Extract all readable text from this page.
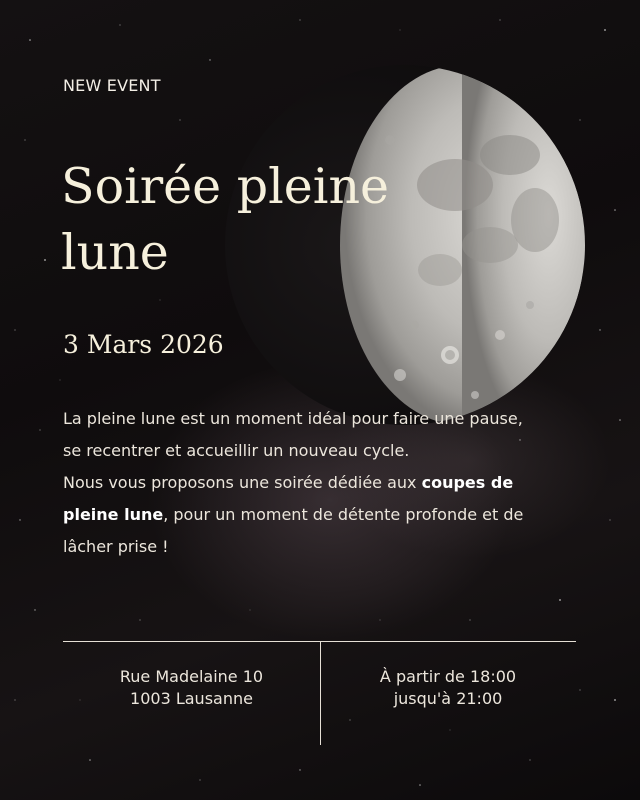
NEW EVENT
Soirée pleine lune
3 Mars 2026

La pleine lune est un moment idéal pour faire une pause, se recentrer et accueillir un nouveau cycle.

Nous vous proposons une soirée dédiée aux coupes de pleine lune, pour un moment de détente profonde et de lâcher prise !

Rue Madelaine 10
1003 Lausanne
À partir de 18:00
jusqu'à 21:00
